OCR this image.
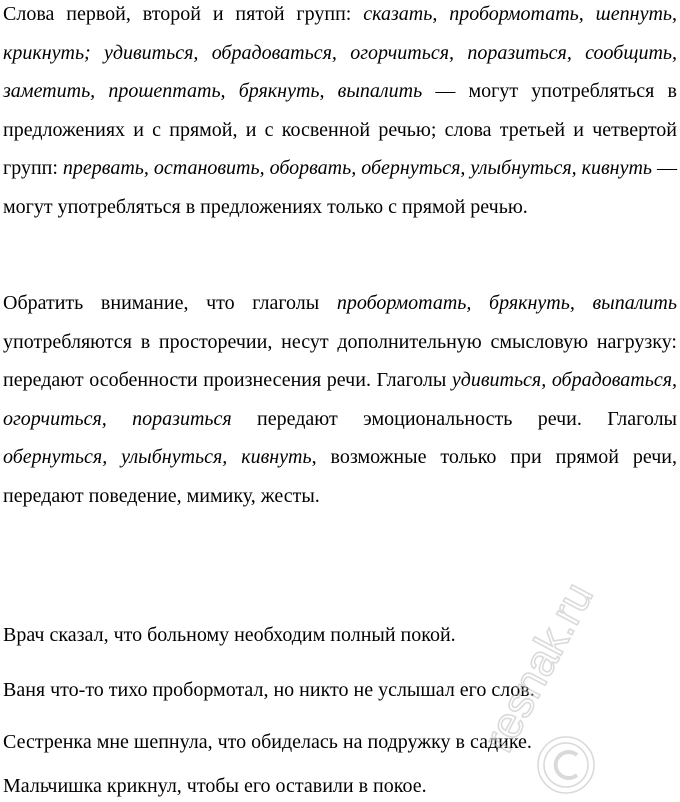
Слова первой, второй и пятой групп: сказать, пробормотать, шепнуть, крикнуть; удивиться, обрадоваться, огорчиться, поразиться, сообщить, заметить, прошептать, брякнуть, выпалить — могут употребляться в предложениях и с прямой, и с косвенной речью; слова третьей и четвертой групп: прервать, остановить, оборвать, обернуться, улыбнуться, кивнуть — могут употребляться в предложениях только с прямой речью.

Обратить внимание, что глаголы пробормотать, брякнуть, выпалить употребляются в просторечии, несут дополнительную смысловую нагрузку: передают особенности произнесения речи. Глаголы удивиться, обрадоваться, огорчиться, поразиться передают эмоциональность речи. Глаголы обернуться, улыбнуться, кивнуть, возможные только при прямой речи, передают поведение, мимику, жесты.

Врач сказал, что больному необходим полный покой.

Ваня что-то тихо пробормотал, но никто не услышал его слов.

Сестренка мне шепнула, что обиделась на подружку в садике.

Мальчишка крикнул, чтобы его оставили в покое.

resnak.ru
